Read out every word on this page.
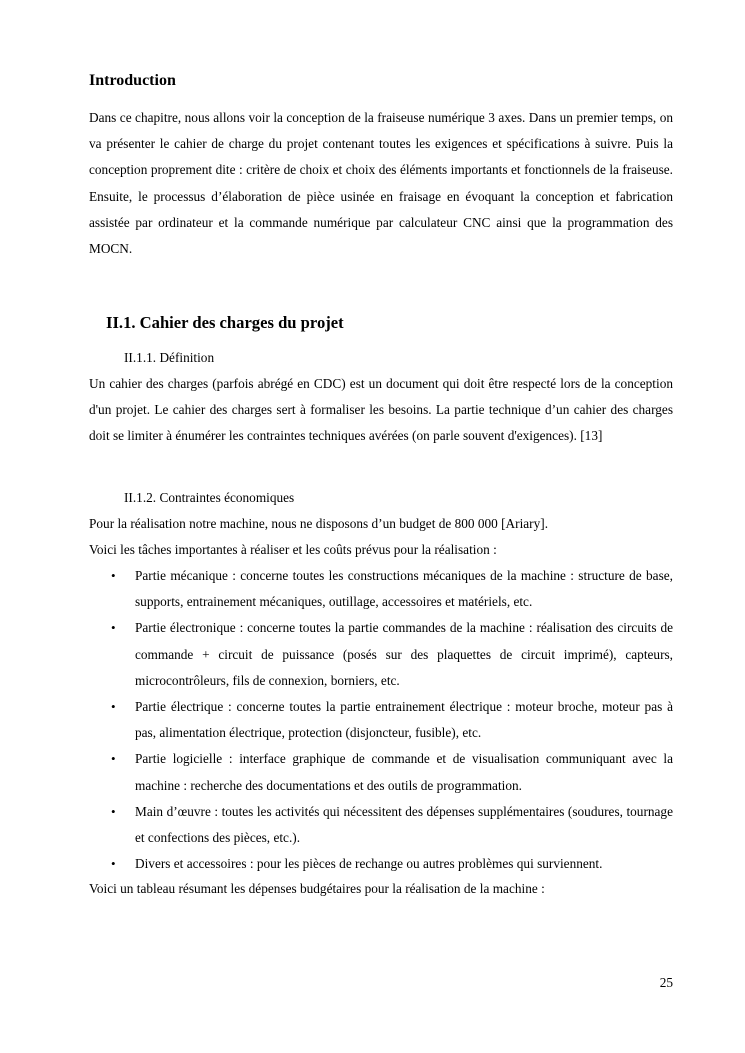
Introduction
Dans ce chapitre, nous allons voir la conception de la fraiseuse numérique 3 axes. Dans un premier temps, on va présenter le cahier de charge du projet contenant toutes les exigences et spécifications à suivre. Puis la conception proprement dite : critère de choix et choix des éléments importants et fonctionnels de la fraiseuse. Ensuite, le processus d’élaboration de pièce usinée en fraisage en évoquant la conception et fabrication assistée par ordinateur et la commande numérique par calculateur CNC ainsi que la programmation des MOCN.
II.1. Cahier des charges du projet
II.1.1. Définition
Un cahier des charges (parfois abrégé en CDC) est un document qui doit être respecté lors de la conception d'un projet. Le cahier des charges sert à formaliser les besoins. La partie technique d’un cahier des charges doit se limiter à énumérer les contraintes techniques avérées (on parle souvent d'exigences). [13]
II.1.2. Contraintes économiques
Pour la réalisation notre machine, nous ne disposons d’un budget de 800 000 [Ariary].
Voici les tâches importantes à réaliser et les coûts prévus pour la réalisation :
• Partie mécanique : concerne toutes les constructions mécaniques de la machine : structure de base, supports, entrainement mécaniques, outillage, accessoires et matériels, etc.
• Partie électronique : concerne toutes la partie commandes de la machine : réalisation des circuits de commande + circuit de puissance (posés sur des plaquettes de circuit imprimé), capteurs, microcontrôleurs, fils de connexion, borniers, etc.
• Partie électrique : concerne toutes la partie entrainement électrique : moteur broche, moteur pas à pas, alimentation électrique, protection (disjoncteur, fusible), etc.
• Partie logicielle : interface graphique de commande et de visualisation communiquant avec la machine : recherche des documentations et des outils de programmation.
• Main d’œuvre : toutes les activités qui nécessitent des dépenses supplémentaires (soudures, tournage et confections des pièces, etc.).
• Divers et accessoires : pour les pièces de rechange ou autres problèmes qui surviennent.
Voici un tableau résumant les dépenses budgétaires pour la réalisation de la machine :
25
